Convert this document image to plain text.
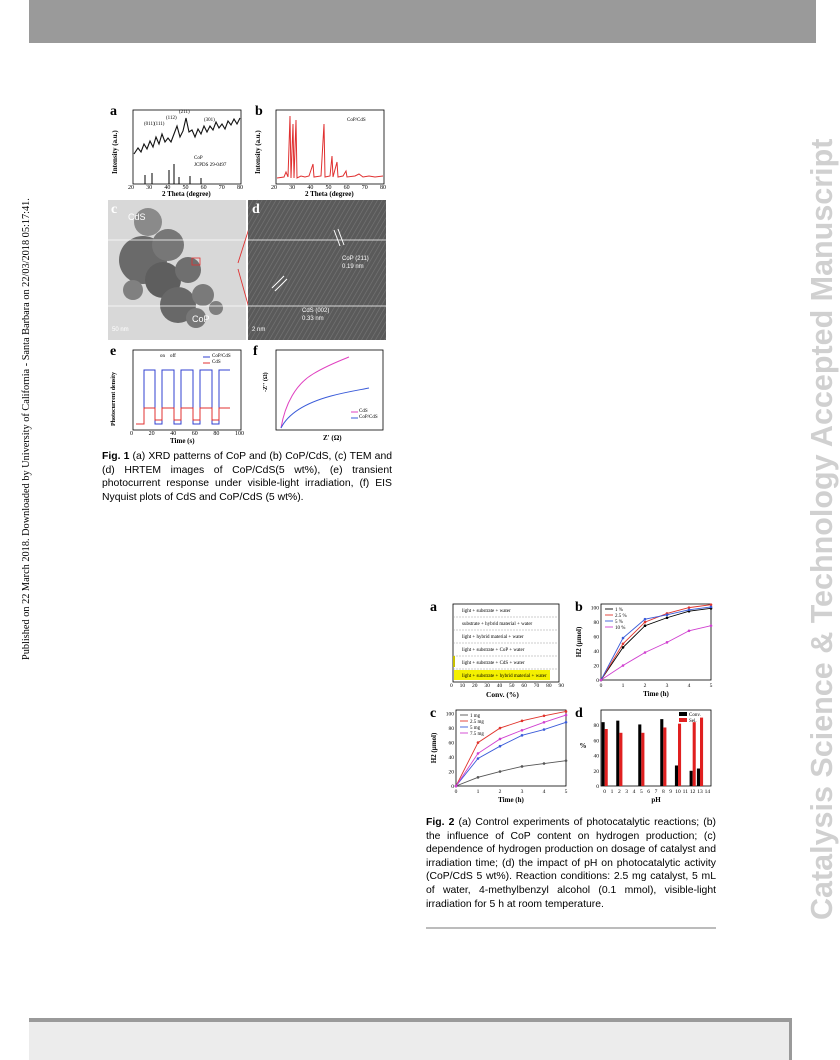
Published on 22 March 2018. Downloaded by University of California - Santa Barbara on 22/03/2018 05:17:41.	Catalysis Science & Technology Accepted Manuscript
a
(011) (111)
(112)
(211)
(301)
CoP
JCPDS 29-0497
Intensity (a.u.)
20 30 40 50 60 70 80
2 Theta (degree)
b
CoP/CdS
Intensity (a.u.)
20 30 40 50 60 70 80
2 Theta (degree)
CdS
CoP
50 nm
c
CoP (211)
0.19 nm
CdS (002)
0.33 nm
2 nm
d
e	on off	CoP/CdS
CdS
Photocurrent density
0	20	40	60	80	100
Time (s)
f
CdS
CoP/CdS
-Z'' (Ω)
Z' (Ω)
Fig. 1 (a) XRD patterns of CoP and (b) CoP/CdS, (c) TEM and (d) HRTEM images of CoP/CdS(5 wt%), (e) transient photocurrent response under visible-light irradiation, (f) EIS Nyquist plots of CdS and CoP/CdS (5 wt%).
a	light + substrate + water
substrate + hybrid material + water
light + hybrid material + water
light + substrate + CoP + water
light + substrate + CdS + water
light + substrate + hybrid material + water
0 10 20 30 40 50 60 70 80 90
Conv. (%)
b
0
20
40
60
80
100
0	1	2	3	4	5
Time (h)
H2 (μmol)
1 %
2.5 %
5 %
10 %
c
0
20
40
60
80
100
0	1	2	3	4	5
Time (h)
H2 (μmol)
1 mg
2.5 mg
5 mg
7.5 mg
d
0
20
40
60
80
0 1 2 3 4 5 6 7 8 9 10 11 12 13 14
pH
%
Conv.
Sel.
Fig. 2 (a) Control experiments of photocatalytic reactions; (b) the influence of CoP content on hydrogen production; (c) dependence of hydrogen production on dosage of catalyst and irradiation time; (d) the impact of pH on photocatalytic activity (CoP/CdS 5 wt%). Reaction conditions: 2.5 mg catalyst, 5 mL of water, 4-methylbenzyl alcohol (0.1 mmol), visible-light irradiation for 5 h at room temperature.
